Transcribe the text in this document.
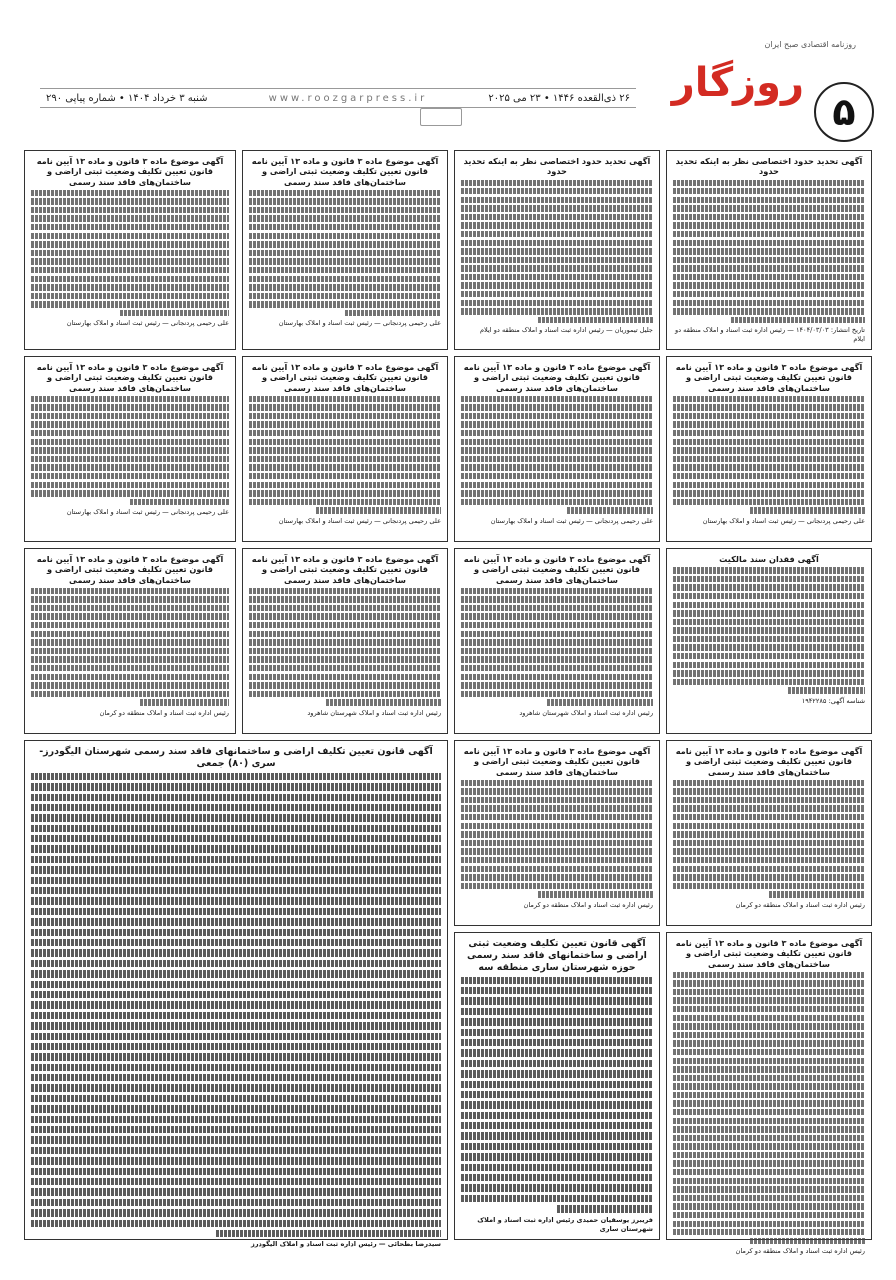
روزنامه اقتصادی صبح ایران
روزگار
۵
۲۶ ذی‌القعده ۱۴۴۶ • ۲۳ می ۲۰۲۵
www.roozgarpress.ir
شنبه ۳ خرداد ۱۴۰۴ • شماره پیاپی ۲۹۰
آگهی تحدید حدود اختصاصی نظر به اینکه تحدید حدود
تاریخ انتشار: ۱۴۰۴/۰۳/۰۳ — رئیس اداره ثبت اسناد و املاک منطقه دو ایلام
آگهی تحدید حدود اختصاصی نظر به اینکه تحدید حدود
جلیل تیموریان — رئیس اداره ثبت اسناد و املاک منطقه دو ایلام
آگهی موضوع ماده ۳ قانون و ماده ۱۳ آیین نامه قانون تعیین تکلیف وضعیت ثبتی اراضی و ساختمان‌های فاقد سند رسمی
علی رحیمی پردنجانی — رئیس ثبت اسناد و املاک بهارستان
آگهی موضوع ماده ۳ قانون و ماده ۱۳ آیین نامه قانون تعیین تکلیف وضعیت ثبتی اراضی و ساختمان‌های فاقد سند رسمی
علی رحیمی پردنجانی — رئیس ثبت اسناد و املاک بهارستان
آگهی موضوع ماده ۳ قانون و ماده ۱۳ آیین نامه قانون تعیین تکلیف وضعیت ثبتی اراضی و ساختمان‌های فاقد سند رسمی
علی رحیمی پردنجانی — رئیس ثبت اسناد و املاک بهارستان
آگهی موضوع ماده ۳ قانون و ماده ۱۳ آیین نامه قانون تعیین تکلیف وضعیت ثبتی اراضی و ساختمان‌های فاقد سند رسمی
علی رحیمی پردنجانی — رئیس ثبت اسناد و املاک بهارستان
آگهی موضوع ماده ۳ قانون و ماده ۱۳ آیین نامه قانون تعیین تکلیف وضعیت ثبتی اراضی و ساختمان‌های فاقد سند رسمی
علی رحیمی پردنجانی — رئیس ثبت اسناد و املاک بهارستان
آگهی موضوع ماده ۳ قانون و ماده ۱۳ آیین نامه قانون تعیین تکلیف وضعیت ثبتی اراضی و ساختمان‌های فاقد سند رسمی
علی رحیمی پردنجانی — رئیس ثبت اسناد و املاک بهارستان
آگهی فقدان سند مالکیت
شناسه آگهی: ۱۹۴۲۲۸۵
آگهی موضوع ماده ۳ قانون و ماده ۱۳ آیین نامه قانون تعیین تکلیف وضعیت ثبتی اراضی و ساختمان‌های فاقد سند رسمی
رئیس اداره ثبت اسناد و املاک شهرستان شاهرود
آگهی موضوع ماده ۳ قانون و ماده ۱۳ آیین نامه قانون تعیین تکلیف وضعیت ثبتی اراضی و ساختمان‌های فاقد سند رسمی
رئیس اداره ثبت اسناد و املاک شهرستان شاهرود
آگهی موضوع ماده ۳ قانون و ماده ۱۳ آیین نامه قانون تعیین تکلیف وضعیت ثبتی اراضی و ساختمان‌های فاقد سند رسمی
رئیس اداره ثبت اسناد و املاک منطقه دو کرمان
آگهی موضوع ماده ۳ قانون و ماده ۱۳ آیین نامه قانون تعیین تکلیف وضعیت ثبتی اراضی و ساختمان‌های فاقد سند رسمی
رئیس اداره ثبت اسناد و املاک منطقه دو کرمان
آگهی موضوع ماده ۳ قانون و ماده ۱۳ آیین نامه قانون تعیین تکلیف وضعیت ثبتی اراضی و ساختمان‌های فاقد سند رسمی
رئیس اداره ثبت اسناد و املاک منطقه دو کرمان
آگهی قانون تعیین تکلیف اراضی و ساختمانهای فاقد سند رسمی شهرستان الیگودرز- سری (۸۰) جمعی
سیدرضا بطحائی — رئیس اداره ثبت اسناد و املاک الیگودرز
آگهی قانون تعیین تکلیف وضعیت ثبتی اراضی و ساختمانهای فاقد سند رسمی حوزه شهرستان ساری منطقه سه
فریبرز یوسفیان حمیدی رئیس اداره ثبت اسناد و املاک شهرستان ساری
آگهی موضوع ماده ۳ قانون و ماده ۱۳ آیین نامه قانون تعیین تکلیف وضعیت ثبتی اراضی و ساختمان‌های فاقد سند رسمی
رئیس اداره ثبت اسناد و املاک منطقه دو کرمان
